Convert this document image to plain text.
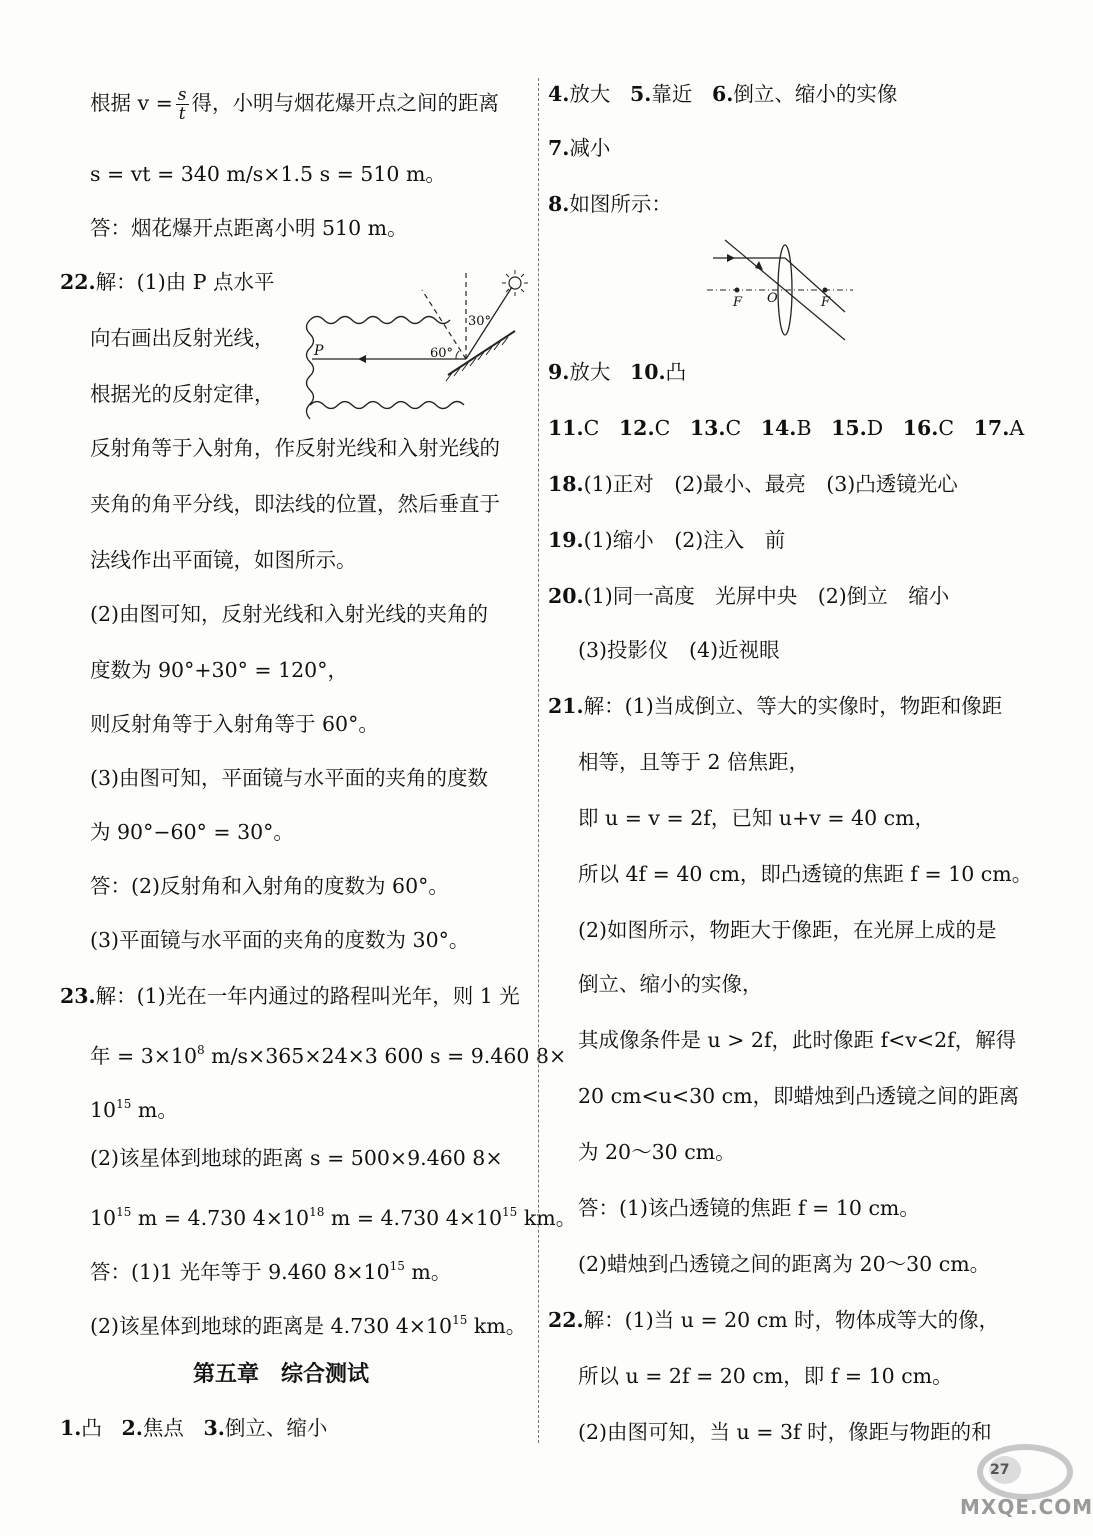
根据 $v = \frac{s}{t}$ 得，小明与烟花爆开点之间的距离
s = vt = 340 m/s×1.5 s = 510 m。
答：烟花爆开点距离小明 510 m。
22.解：(1)由 P 点水平
向右画出反射光线，
根据光的反射定律，
30°
60°
P
反射角等于入射角，作反射光线和入射光线的
夹角的角平分线，即法线的位置，然后垂直于
法线作出平面镜，如图所示。
(2)由图可知，反射光线和入射光线的夹角的
度数为 90°+30° = 120°，
则反射角等于入射角等于 60°。
(3)由图可知，平面镜与水平面的夹角的度数
为 90°−60° = 30°。
答：(2)反射角和入射角的度数为 60°。
(3)平面镜与水平面的夹角的度数为 30°。
23.解：(1)光在一年内通过的路程叫光年，则 1 光
年 = $3\times 10^8$ m/s×365×24×3 600 s = 9.460 8×
$10^{15}$ m。
(2)该星体到地球的距离 s = 500×9.460 8×
$10^{15}$ m = 4.730 $4\times 10^{18}$ m = 4.730 $4\times 10^{15}$ km。
答：(1)1 光年等于 9.460 $8\times 10^{15}$ m。
(2)该星体到地球的距离是 4.730 $4\times 10^{15}$ km。
第五章　综合测试
1.凸 2.焦点 3.倒立、缩小
4.放大 5.靠近 6.倒立、缩小的实像
7.减小
8.如图所示：
F O	F
9.放大 10.凸
11.C 12.C 13.C 14.B 15.D 16.C 17.A
18.(1)正对　(2)最小、最亮　(3)凸透镜光心
19.(1)缩小　(2)注入　前
20.(1)同一高度　光屏中央　(2)倒立　缩小
(3)投影仪　(4)近视眼
21.解：(1)当成倒立、等大的实像时，物距和像距
相等，且等于 2 倍焦距，
即 u = v = 2f，已知 u+v = 40 cm，
所以 4f = 40 cm，即凸透镜的焦距 f = 10 cm。
(2)如图所示，物距大于像距，在光屏上成的是
倒立、缩小的实像，
其成像条件是 u > 2f，此时像距 f<v<2f，解得
20 cm<u<30 cm，即蜡烛到凸透镜之间的距离
为 20～30 cm。
答：(1)该凸透镜的焦距 f = 10 cm。
(2)蜡烛到凸透镜之间的距离为 20～30 cm。
22.解：(1)当 u = 20 cm 时，物体成等大的像，
所以 u = 2f = 20 cm，即 f = 10 cm。
(2)由图可知，当 u = 3f 时，像距与物距的和
27
MXQE.COM
